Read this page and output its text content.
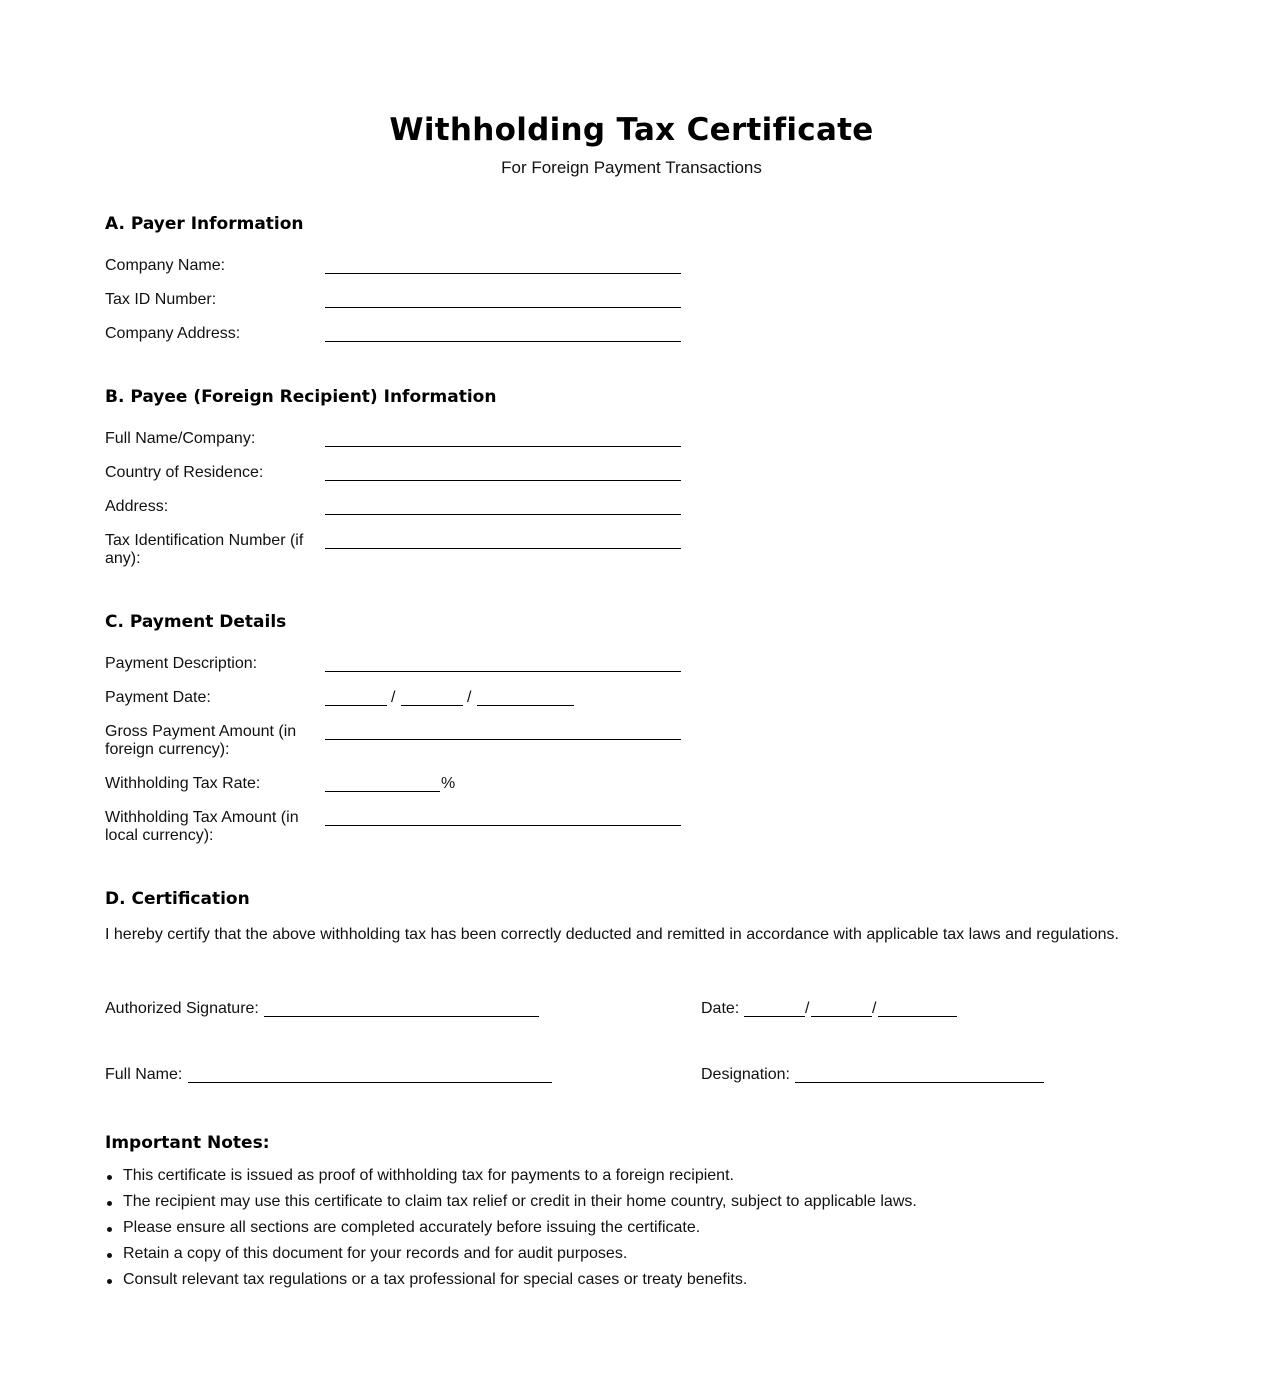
Withholding Tax Certificate
For Foreign Payment Transactions
A. Payer Information
Company Name:
Tax ID Number:
Company Address:
B. Payee (Foreign Recipient) Information
Full Name/Company:
Country of Residence:
Address:
Tax Identification Number (if any):
C. Payment Details
Payment Description:
Payment Date:	/	/
Gross Payment Amount (in foreign currency):
Withholding Tax Rate:	%
Withholding Tax Amount (in local currency):
D. Certification
I hereby certify that the above withholding tax has been correctly deducted and remitted in accordance with applicable tax laws and regulations.
Authorized Signature:	Date:	/	/
Full Name:	Designation:
Important Notes:
This certificate is issued as proof of withholding tax for payments to a foreign recipient.
The recipient may use this certificate to claim tax relief or credit in their home country, subject to applicable laws.
Please ensure all sections are completed accurately before issuing the certificate.
Retain a copy of this document for your records and for audit purposes.
Consult relevant tax regulations or a tax professional for special cases or treaty benefits.
